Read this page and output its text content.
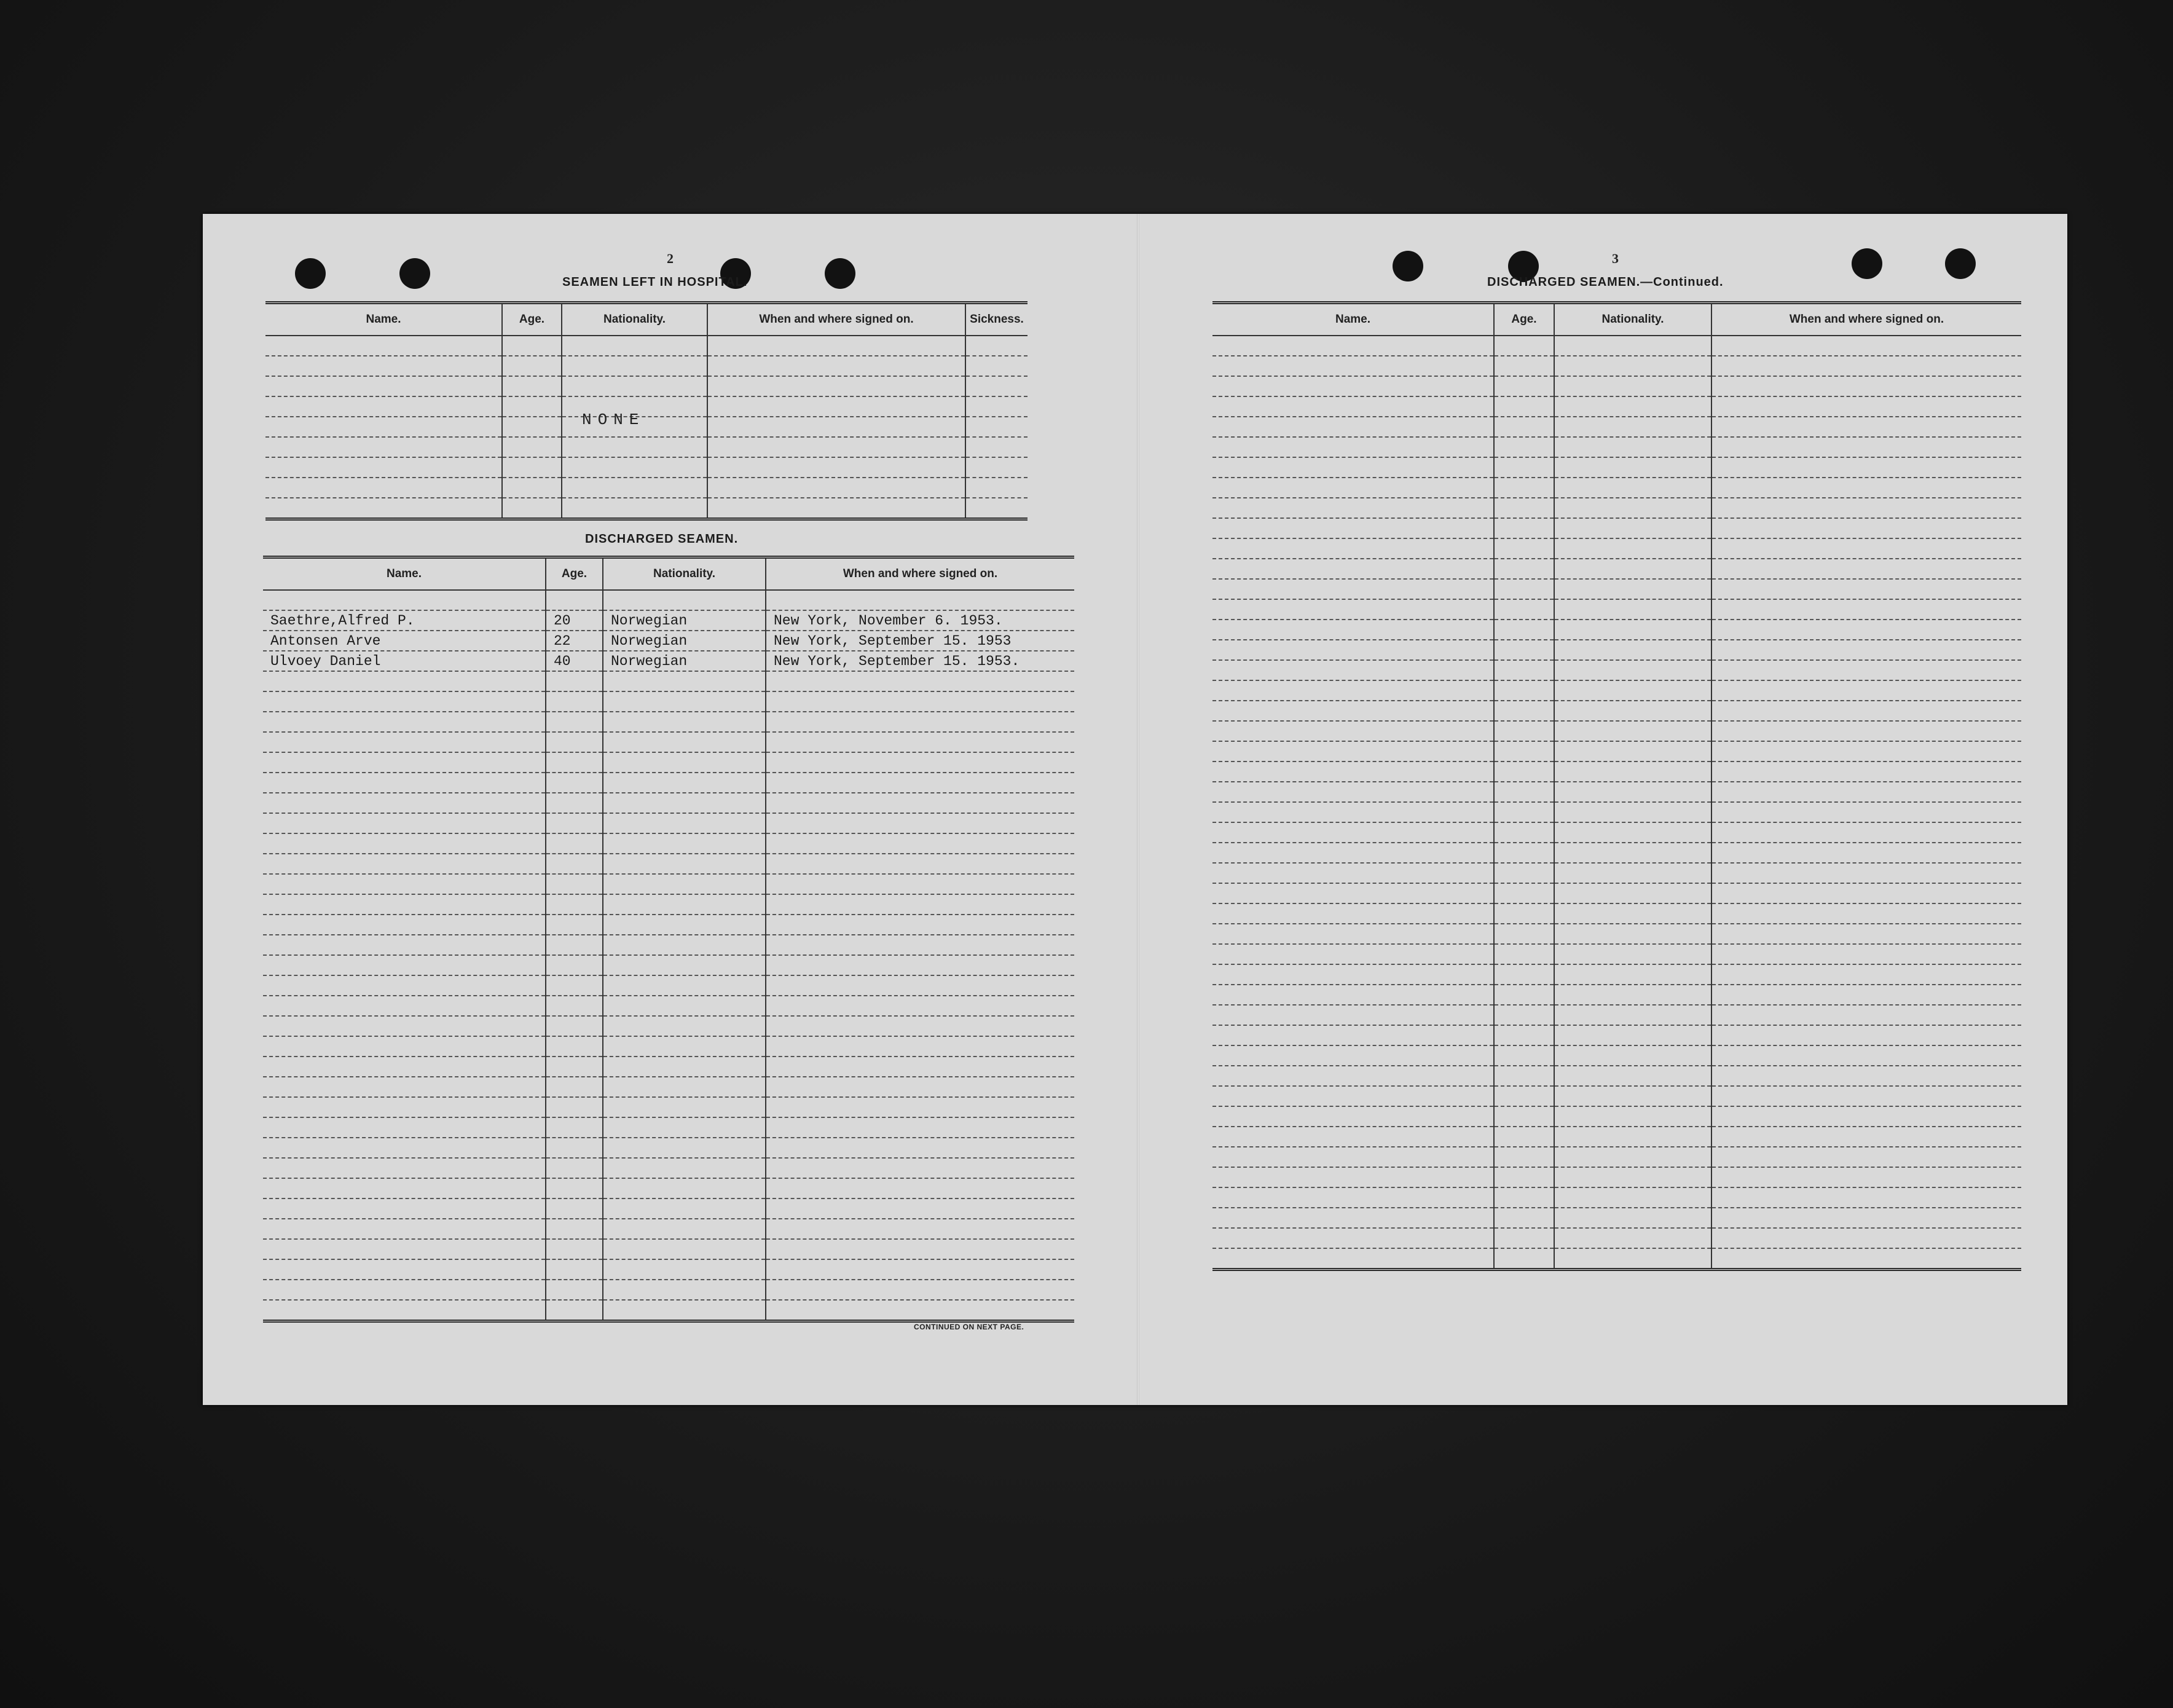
2
SEAMEN LEFT IN HOSPITAL.
Name.	Age.	Nationality.	When and where signed on.	Sickness.

NONE
DISCHARGED SEAMEN.
Name.	Age.	Nationality.	When and where signed on.

Saethre,Alfred P.	20	Norwegian	New York, November 6. 1953.
Antonsen Arve	22	Norwegian	New York, September 15. 1953
Ulvoey Daniel	40	Norwegian	New York, September 15. 1953.

CONTINUED ON NEXT PAGE.
3
DISCHARGED SEAMEN.—Continued.
Name.	Age.	Nationality.	When and where signed on.
